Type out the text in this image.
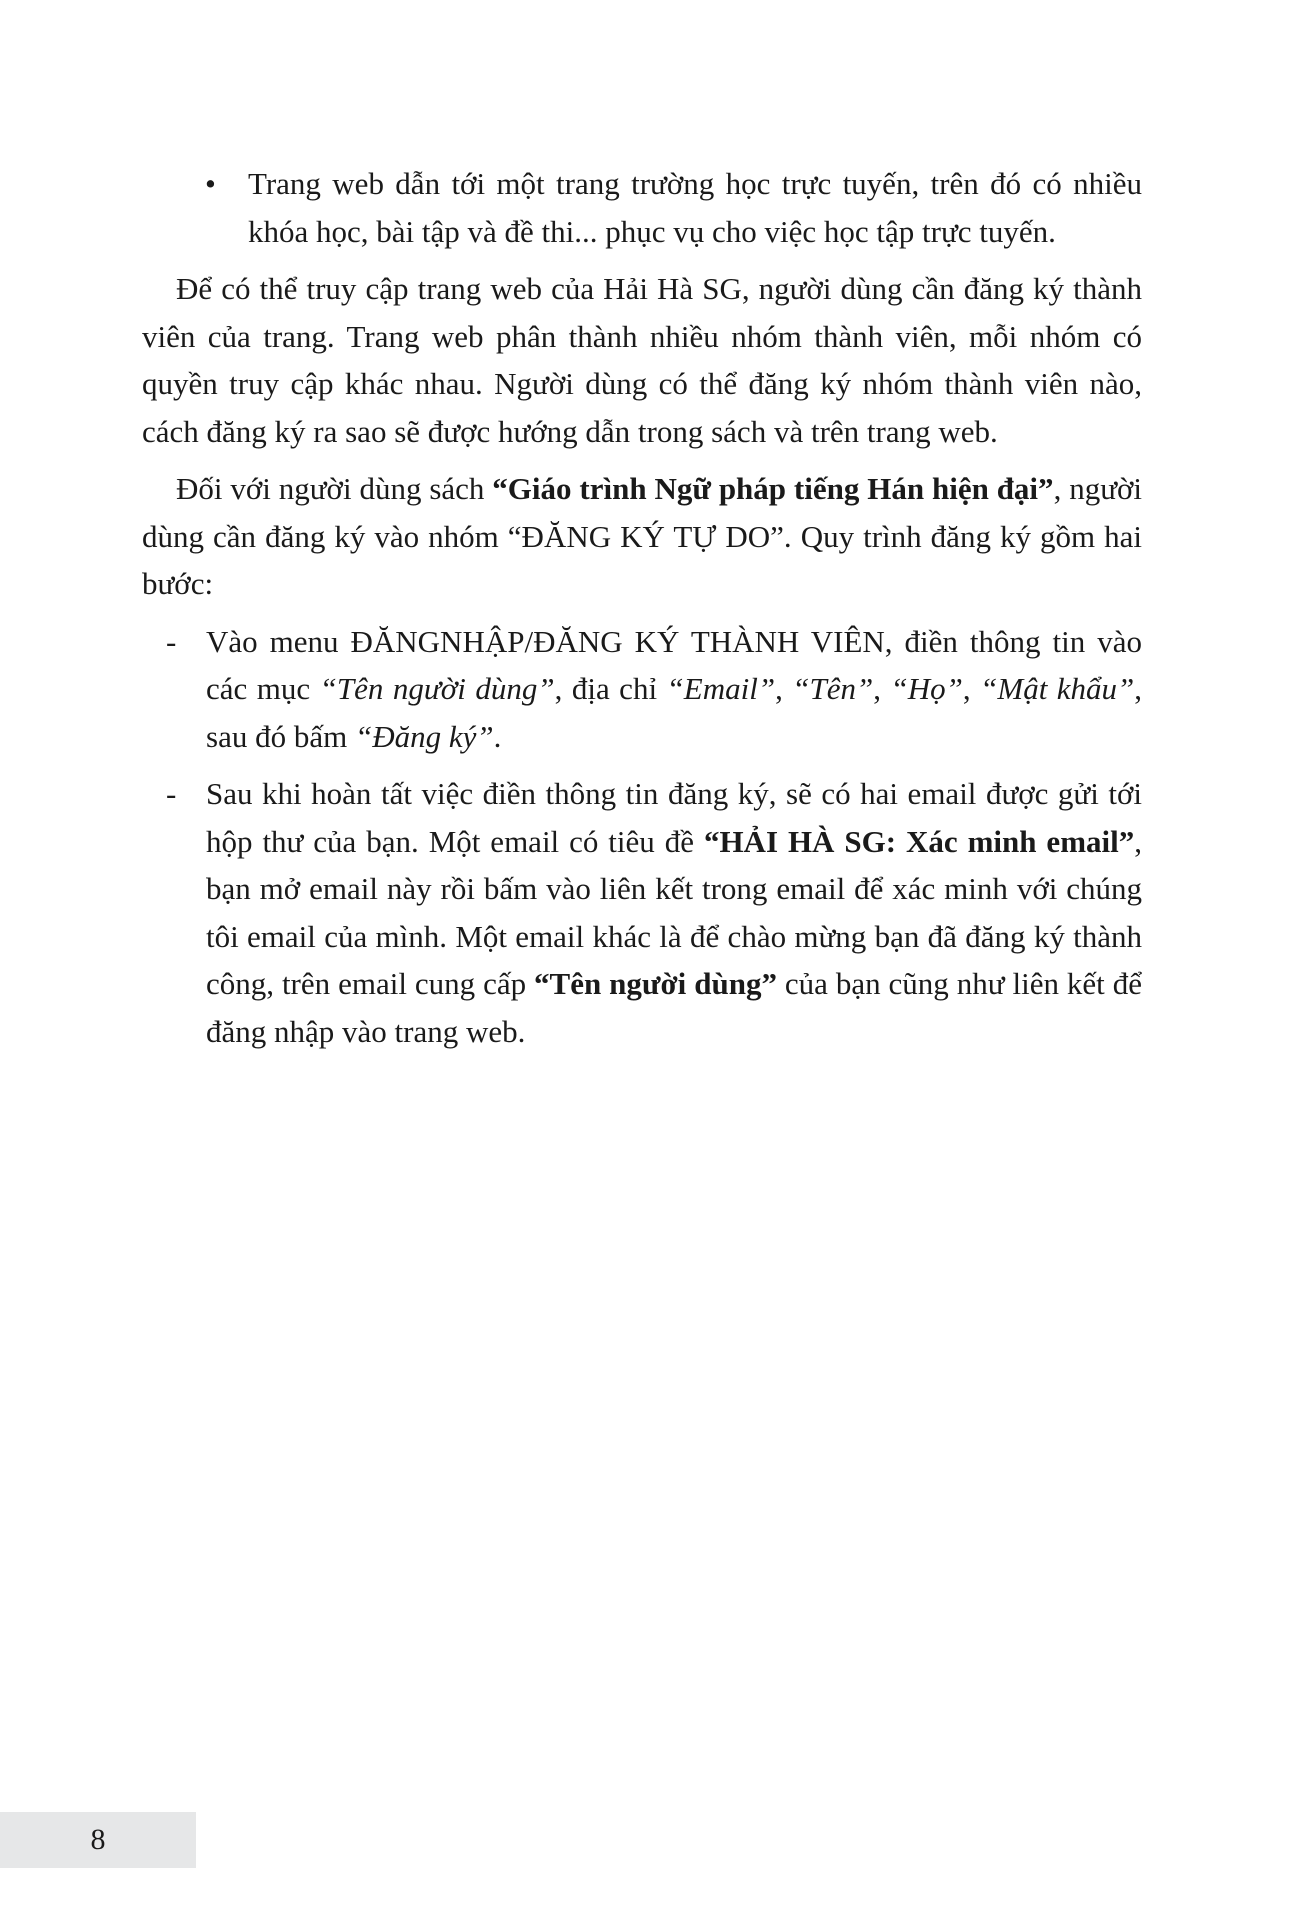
• Trang web dẫn tới một trang trường học trực tuyến, trên đó có nhiều khóa học, bài tập và đề thi... phục vụ cho việc học tập trực tuyến.

Để có thể truy cập trang web của Hải Hà SG, người dùng cần đăng ký thành viên của trang. Trang web phân thành nhiều nhóm thành viên, mỗi nhóm có quyền truy cập khác nhau. Người dùng có thể đăng ký nhóm thành viên nào, cách đăng ký ra sao sẽ được hướng dẫn trong sách và trên trang web.

Đối với người dùng sách “Giáo trình Ngữ pháp tiếng Hán hiện đại”, người dùng cần đăng ký vào nhóm “ĐĂNG KÝ TỰ DO”. Quy trình đăng ký gồm hai bước:

- Vào menu ĐĂNGNHẬP/ĐĂNG KÝ THÀNH VIÊN, điền thông tin vào các mục “Tên người dùng”, địa chỉ “Email”, “Tên”, “Họ”, “Mật khẩu”, sau đó bấm “Đăng ký”.

- Sau khi hoàn tất việc điền thông tin đăng ký, sẽ có hai email được gửi tới hộp thư của bạn. Một email có tiêu đề “HẢI HÀ SG: Xác minh email”, bạn mở email này rồi bấm vào liên kết trong email để xác minh với chúng tôi email của mình. Một email khác là để chào mừng bạn đã đăng ký thành công, trên email cung cấp “Tên người dùng” của bạn cũng như liên kết để đăng nhập vào trang web.

8
